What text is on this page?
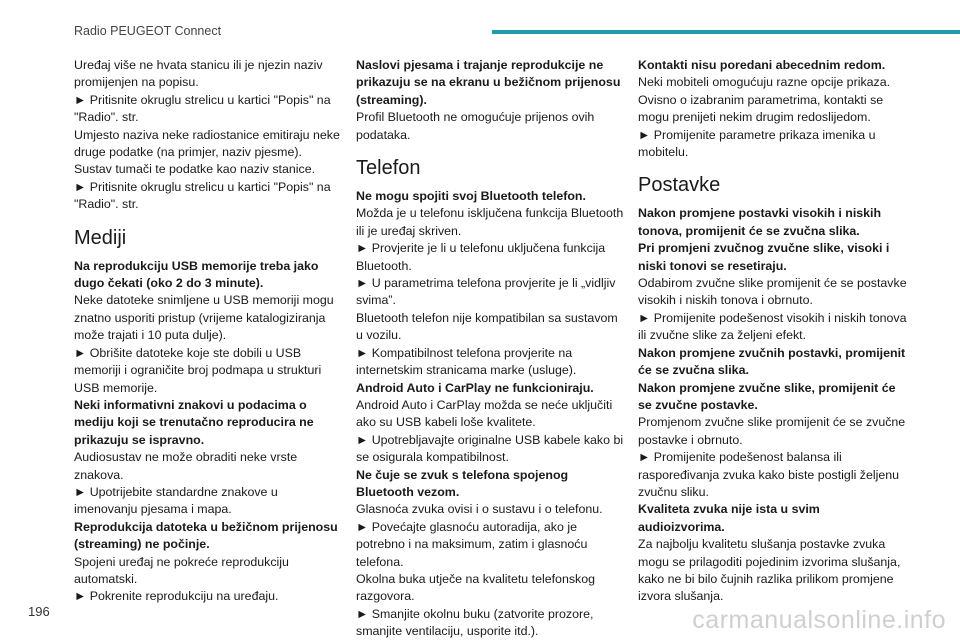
Radio PEUGEOT Connect

Uređaj više ne hvata stanicu ili je njezin naziv promijenjen na popisu.

► Pritisnite okruglu strelicu u kartici "Popis" na "Radio". str.

Umjesto naziva neke radiostanice emitiraju neke druge podatke (na primjer, naziv pjesme).

Sustav tumači te podatke kao naziv stanice.

► Pritisnite okruglu strelicu u kartici "Popis" na "Radio". str.

Mediji

Na reprodukciju USB memorije treba jako dugo čekati (oko 2 do 3 minute).

Neke datoteke snimljene u USB memoriji mogu znatno usporiti pristup (vrijeme katalogiziranja može trajati i 10 puta dulje).

► Obrišite datoteke koje ste dobili u USB memoriji i ograničite broj podmapa u strukturi USB memorije.

Neki informativni znakovi u podacima o mediju koji se trenutačno reproducira ne prikazuju se ispravno.

Audiosustav ne može obraditi neke vrste znakova.

► Upotrijebite standardne znakove u imenovanju pjesama i mapa.

Reprodukcija datoteka u bežičnom prijenosu (streaming) ne počinje.

Spojeni uređaj ne pokreće reprodukciju automatski.

► Pokrenite reprodukciju na uređaju.

Naslovi pjesama i trajanje reprodukcije ne prikazuju se na ekranu u bežičnom prijenosu (streaming).

Profil Bluetooth ne omogućuje prijenos ovih podataka.

Telefon

Ne mogu spojiti svoj Bluetooth telefon.

Možda je u telefonu isključena funkcija Bluetooth ili je uređaj skriven.

► Provjerite je li u telefonu uključena funkcija Bluetooth.

► U parametrima telefona provjerite je li „vidljiv svima”.

Bluetooth telefon nije kompatibilan sa sustavom u vozilu.

► Kompatibilnost telefona provjerite na internetskim stranicama marke (usluge).

Android Auto i CarPlay ne funkcioniraju.

Android Auto i CarPlay možda se neće uključiti ako su USB kabeli loše kvalitete.

► Upotrebljavajte originalne USB kabele kako bi se osigurala kompatibilnost.

Ne čuje se zvuk s telefona spojenog Bluetooth vezom.

Glasnoća zvuka ovisi i o sustavu i o telefonu.

► Povećajte glasnoću autoradija, ako je potrebno i na maksimum, zatim i glasnoću telefona.

Okolna buka utječe na kvalitetu telefonskog razgovora.

► Smanjite okolnu buku (zatvorite prozore, smanjite ventilaciju, usporite itd.).

Kontakti nisu poredani abecednim redom.

Neki mobiteli omogućuju razne opcije prikaza. Ovisno o izabranim parametrima, kontakti se mogu prenijeti nekim drugim redoslijedom.

► Promijenite parametre prikaza imenika u mobitelu.

Postavke

Nakon promjene postavki visokih i niskih tonova, promijenit će se zvučna slika.

Pri promjeni zvučnog zvučne slike, visoki i niski tonovi se resetiraju.

Odabirom zvučne slike promijenit će se postavke visokih i niskih tonova i obrnuto.

► Promijenite podešenost visokih i niskih tonova ili zvučne slike za željeni efekt.

Nakon promjene zvučnih postavki, promijenit će se zvučna slika.

Nakon promjene zvučne slike, promijenit će se zvučne postavke.

Promjenom zvučne slike promijenit će se zvučne postavke i obrnuto.

► Promijenite podešenost balansa ili raspoređivanja zvuka kako biste postigli željenu zvučnu sliku.

Kvaliteta zvuka nije ista u svim audioizvorima.

Za najbolju kvalitetu slušanja postavke zvuka mogu se prilagoditi pojedinim izvorima slušanja, kako ne bi bilo čujnih razlika prilikom promjene izvora slušanja.

196	carmanualsonline.info
